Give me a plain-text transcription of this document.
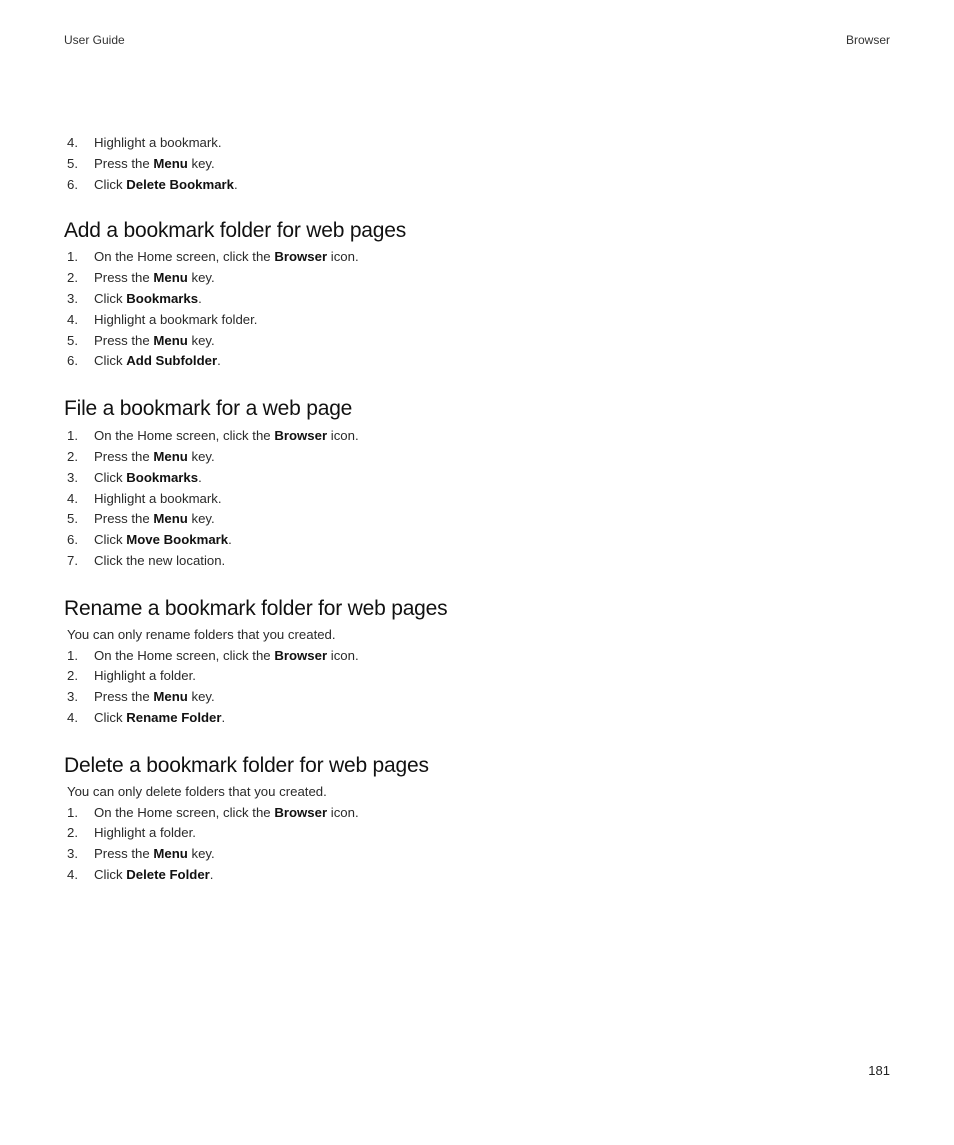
User Guide	Browser
4.	Highlight a bookmark.
5.	Press the Menu key.
6.	Click Delete Bookmark.
Add a bookmark folder for web pages
1.	On the Home screen, click the Browser icon.
2.	Press the Menu key.
3.	Click Bookmarks.
4.	Highlight a bookmark folder.
5.	Press the Menu key.
6.	Click Add Subfolder.
File a bookmark for a web page
1.	On the Home screen, click the Browser icon.
2.	Press the Menu key.
3.	Click Bookmarks.
4.	Highlight a bookmark.
5.	Press the Menu key.
6.	Click Move Bookmark.
7.	Click the new location.
Rename a bookmark folder for web pages

You can only rename folders that you created.

1.	On the Home screen, click the Browser icon.
2.	Highlight a folder.
3.	Press the Menu key.
4.	Click Rename Folder.
Delete a bookmark folder for web pages

You can only delete folders that you created.

1.	On the Home screen, click the Browser icon.
2.	Highlight a folder.
3.	Press the Menu key.
4.	Click Delete Folder.
181
